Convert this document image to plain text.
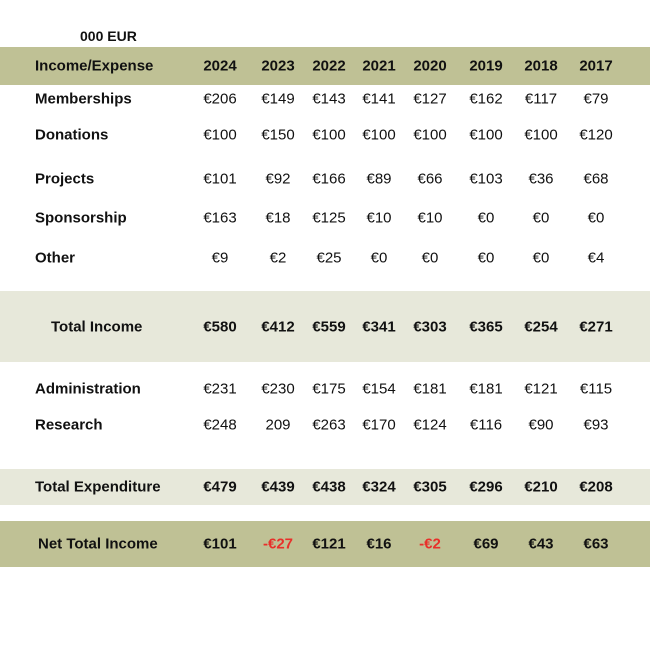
000 EUR
Income/Expense	2024 2023 2022 2021 2020 2019 2018 2017
Memberships	€206 €149 €143 €141 €127 €162 €117 €79
Donations	€100 €150 €100 €100 €100 €100 €100 €120
Projects	€101 €92 €166 €89 €66 €103 €36 €68
Sponsorship	€163 €18 €125 €10 €10 €0	€0	€0
Other	€9	€2 €25 €0 €0	€0	€0	€4
Total Income	€580 €412 €559 €341 €303 €365 €254 €271
Administration	€231 €230 €175 €154 €181 €181 €121 €115
Research	€248 209 €263 €170 €124 €116 €90 €93
Total Expenditure	€479 €439 €438 €324 €305 €296 €210 €208
Net Total Income	€101 -€27 €121 €16 -€2 €69 €43 €63
